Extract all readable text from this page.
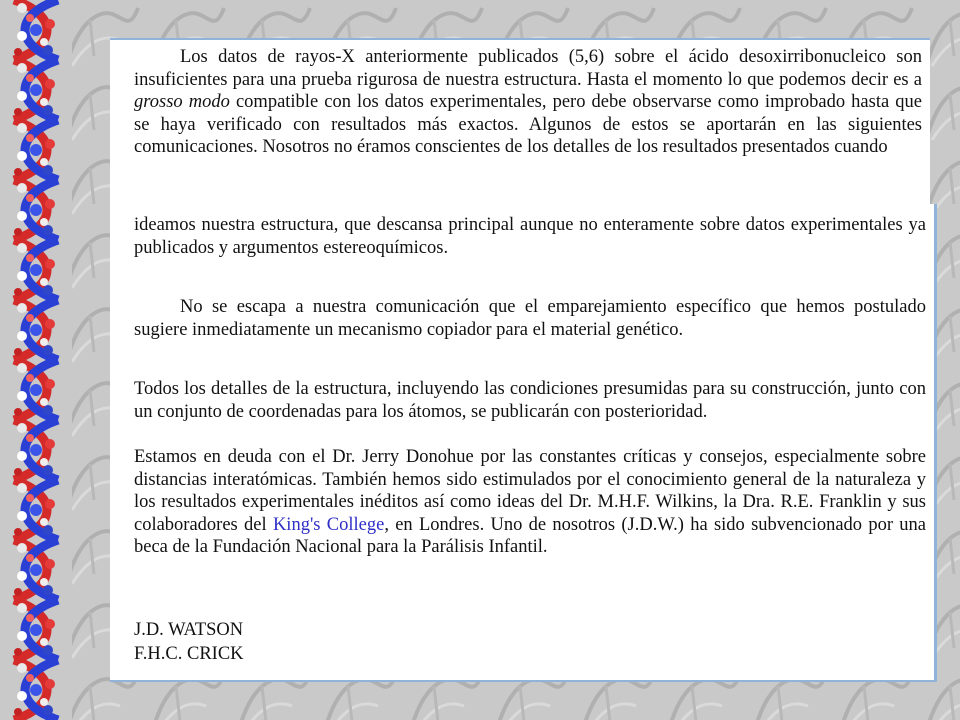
Los datos de rayos-X anteriormente publicados (5,6) sobre el ácido desoxirribonucleico son insuficientes para una prueba rigurosa de nuestra estructura. Hasta el momento lo que podemos decir es a grosso modo compatible con los datos experimentales, pero debe observarse como improbado hasta que se haya verificado con resultados más exactos. Algunos de estos se aportarán en las siguientes comunicaciones. Nosotros no éramos conscientes de los detalles de los resultados presentados cuando

ideamos nuestra estructura, que descansa principal aunque no enteramente sobre datos experimentales ya publicados y argumentos estereoquímicos.

No se escapa a nuestra comunicación que el emparejamiento específico que hemos postulado sugiere inmediatamente un mecanismo copiador para el material genético.

Todos los detalles de la estructura, incluyendo las condiciones presumidas para su construcción, junto con un conjunto de coordenadas para los átomos, se publicarán con posterioridad.

Estamos en deuda con el Dr. Jerry Donohue por las constantes críticas y consejos, especialmente sobre distancias interatómicas. También hemos sido estimulados por el conocimiento general de la naturaleza y los resultados experimentales inéditos así como ideas del Dr. M.H.F. Wilkins, la Dra. R.E. Franklin y sus colaboradores del King's College, en Londres. Uno de nosotros (J.D.W.) ha sido subvencionado por una beca de la Fundación Nacional para la Parálisis Infantil.

J.D. WATSON
F.H.C. CRICK
